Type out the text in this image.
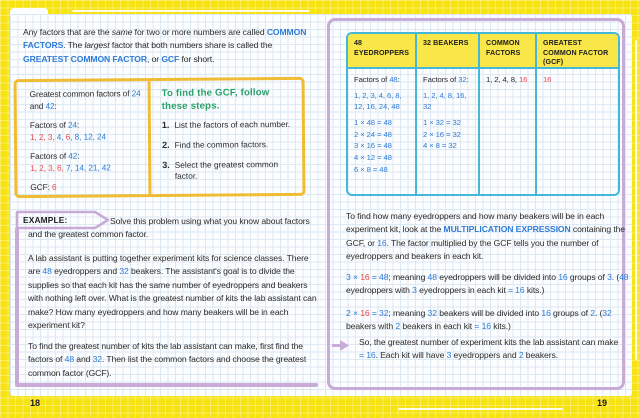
Any factors that are the same for two or more numbers are called COMMON FACTORS. The largest factor that both numbers share is called the GREATEST COMMON FACTOR, or GCF for short.

Greatest common factors of 24 and 42:
Factors of 24:
1, 2, 3, 4, 6, 8, 12, 24
Factors of 42:
1, 2, 3, 6, 7, 14, 21, 42
GCF: 6
To find the GCF, follow these steps.
1. List the factors of each number.
2. Find the common factors.
3. Select the greatest common factor.
EXAMPLE:	Solve this problem using what you know about factors and the greatest common factor.

A lab assistant is putting together experiment kits for science classes. There are 48 eyedroppers and 32 beakers. The assistant's goal is to divide the supplies so that each kit has the same number of eyedroppers and beakers with nothing left over. What is the greatest number of kits the lab assistant can make? How many eyedroppers and how many beakers will be in each experiment kit?

To find the greatest number of kits the lab assistant can make, first find the factors of 48 and 32. Then list the common factors and choose the greatest common factor (GCF).

48 EYEDROPPERS
Factors of 48:
1, 2, 3, 4, 6, 8, 12, 16, 24, 48
1 × 48 = 48
2 × 24 = 48
3 × 16 = 48
4 × 12 = 48
6 × 8 = 48
32 BEAKERS
Factors of 32:
1, 2, 4, 8, 16, 32
1 × 32 = 32
2 × 16 = 32
4 × 8 = 32
COMMON FACTORS
1, 2, 4, 8, 16
GREATEST COMMON FACTOR (GCF)
16

To find how many eyedroppers and how many beakers will be in each experiment kit, look at the MULTIPLICATION EXPRESSION containing the GCF, or 16. The factor multiplied by the GCF tells you the number of eyedroppers and beakers in each kit.

3 × 16 = 48; meaning 48 eyedroppers will be divided into 16 groups of 3. (48 eyedroppers with 3 eyedroppers in each kit = 16 kits.)

2 × 16 = 32; meaning 32 beakers will be divided into 16 groups of 2. (32 beakers with 2 beakers in each kit = 16 kits.)

So, the greatest number of experiment kits the lab assistant can make = 16. Each kit will have 3 eyedroppers and 2 beakers.

18	19
